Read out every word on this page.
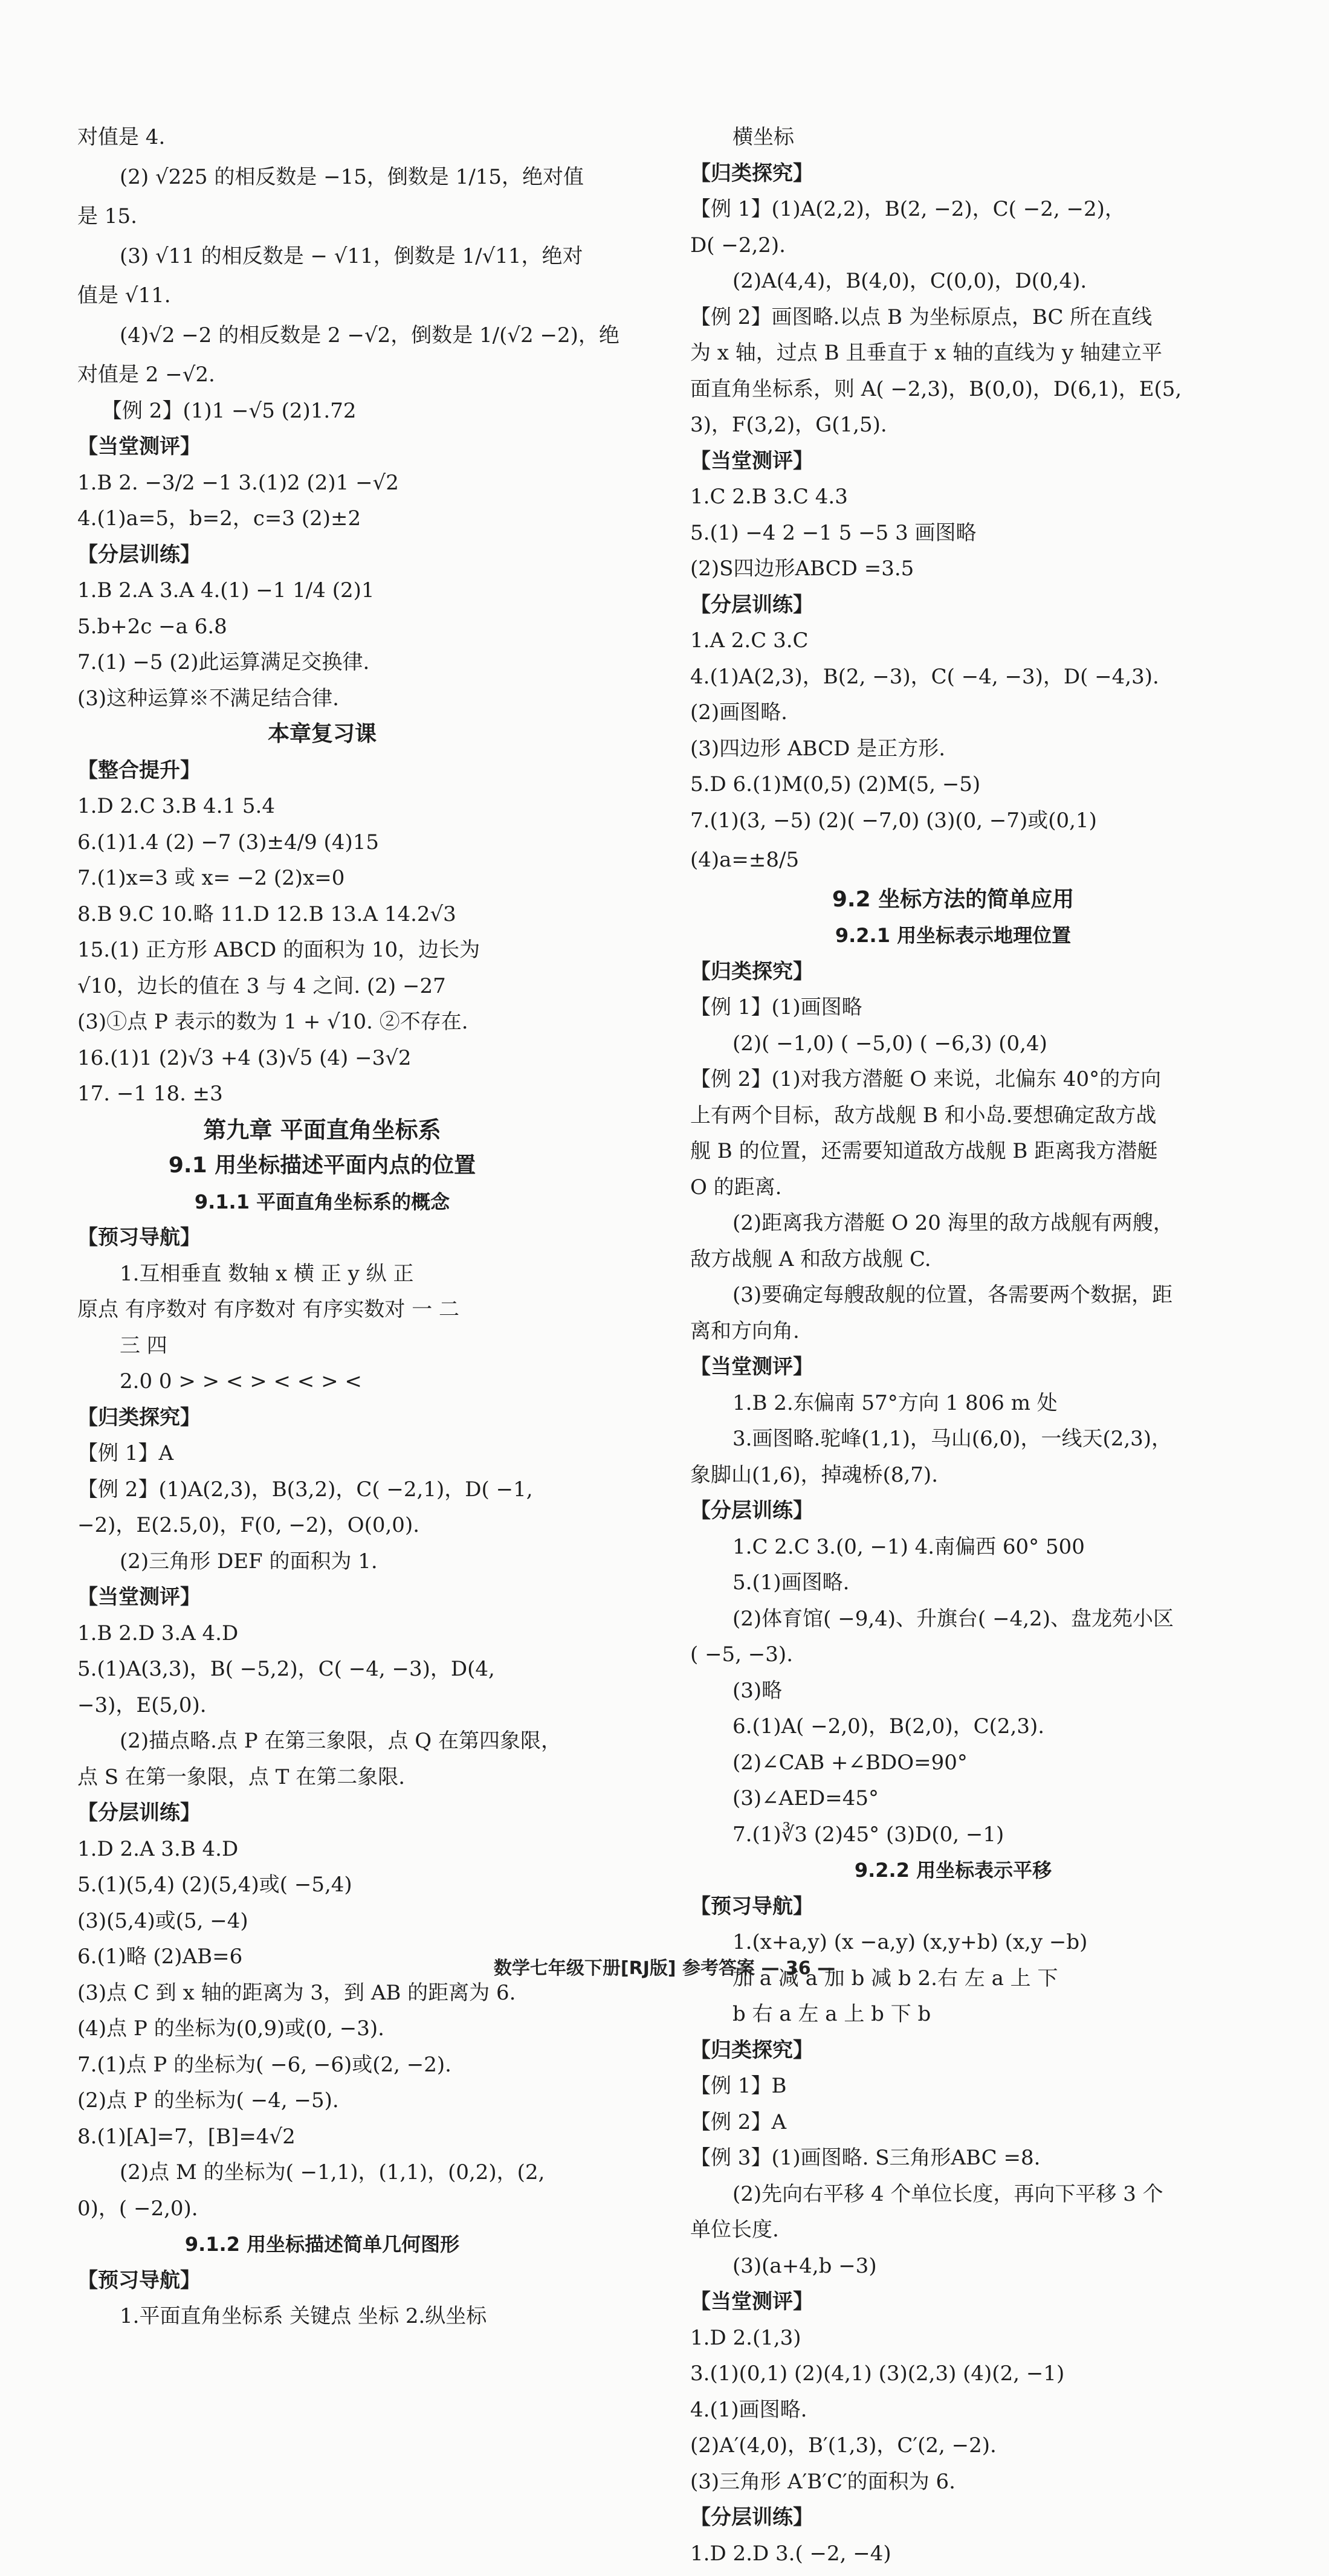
对值是 4.
(2) √225 的相反数是 −15，倒数是 1/15，绝对值
是 15.
(3) √11 的相反数是 − √11，倒数是 1/√11，绝对
值是 √11.
(4)√2 −2 的相反数是 2 −√2，倒数是 1/(√2 −2)，绝
对值是 2 −√2.
【例 2】(1)1 −√5 (2)1.72
【当堂测评】
1.B 2. −3/2 −1 3.(1)2 (2)1 −√2
4.(1)a=5，b=2，c=3 (2)±2
【分层训练】
1.B 2.A 3.A 4.(1) −1 1/4 (2)1
5.b+2c −a 6.8
7.(1) −5 (2)此运算满足交换律.
(3)这种运算※不满足结合律.
本章复习课
【整合提升】
1.D 2.C 3.B 4.1 5.4
6.(1)1.4 (2) −7 (3)±4/9 (4)15
7.(1)x=3 或 x= −2 (2)x=0
8.B 9.C 10.略 11.D 12.B 13.A 14.2√3
15.(1) 正方形 ABCD 的面积为 10，边长为
√10，边长的值在 3 与 4 之间. (2) −27
(3)①点 P 表示的数为 1 + √10. ②不存在.
16.(1)1 (2)√3 +4 (3)√5 (4) −3√2
17. −1 18. ±3
第九章 平面直角坐标系
9.1 用坐标描述平面内点的位置
9.1.1 平面直角坐标系的概念
【预习导航】
1.互相垂直 数轴 x 横 正 y 纵 正
原点 有序数对 有序数对 有序实数对 一 二
三 四
2.0 0 > > < > < < > <
【归类探究】
【例 1】A
【例 2】(1)A(2,3)，B(3,2)，C( −2,1)，D( −1,
−2)，E(2.5,0)，F(0, −2)，O(0,0).
(2)三角形 DEF 的面积为 1.
【当堂测评】
1.B 2.D 3.A 4.D
5.(1)A(3,3)，B( −5,2)，C( −4, −3)，D(4,
−3)，E(5,0).
(2)描点略.点 P 在第三象限，点 Q 在第四象限，
点 S 在第一象限，点 T 在第二象限.
【分层训练】
1.D 2.A 3.B 4.D
5.(1)(5,4) (2)(5,4)或( −5,4)
(3)(5,4)或(5, −4)
6.(1)略 (2)AB=6
(3)点 C 到 x 轴的距离为 3，到 AB 的距离为 6.
(4)点 P 的坐标为(0,9)或(0, −3).
7.(1)点 P 的坐标为( −6, −6)或(2, −2).
(2)点 P 的坐标为( −4, −5).
8.(1)[A]=7，[B]=4√2
(2)点 M 的坐标为( −1,1)，(1,1)，(0,2)，(2,
0)，( −2,0).
9.1.2 用坐标描述简单几何图形
【预习导航】
1.平面直角坐标系 关键点 坐标 2.纵坐标
横坐标
【归类探究】
【例 1】(1)A(2,2)，B(2, −2)，C( −2, −2)，
D( −2,2).
(2)A(4,4)，B(4,0)，C(0,0)，D(0,4).
【例 2】画图略.以点 B 为坐标原点，BC 所在直线
为 x 轴，过点 B 且垂直于 x 轴的直线为 y 轴建立平
面直角坐标系，则 A( −2,3)，B(0,0)，D(6,1)，E(5,
3)，F(3,2)，G(1,5).
【当堂测评】
1.C 2.B 3.C 4.3
5.(1) −4 2 −1 5 −5 3 画图略
(2)S四边形ABCD =3.5
【分层训练】
1.A 2.C 3.C
4.(1)A(2,3)，B(2, −3)，C( −4, −3)，D( −4,3).
(2)画图略.
(3)四边形 ABCD 是正方形.
5.D 6.(1)M(0,5) (2)M(5, −5)
7.(1)(3, −5) (2)( −7,0) (3)(0, −7)或(0,1)
(4)a=±8/5
9.2 坐标方法的简单应用
9.2.1 用坐标表示地理位置
【归类探究】
【例 1】(1)画图略
(2)( −1,0) ( −5,0) ( −6,3) (0,4)
【例 2】(1)对我方潜艇 O 来说，北偏东 40°的方向
上有两个目标，敌方战舰 B 和小岛.要想确定敌方战
舰 B 的位置，还需要知道敌方战舰 B 距离我方潜艇
O 的距离.
(2)距离我方潜艇 O 20 海里的敌方战舰有两艘，
敌方战舰 A 和敌方战舰 C.
(3)要确定每艘敌舰的位置，各需要两个数据，距
离和方向角.
【当堂测评】
1.B 2.东偏南 57°方向 1 806 m 处
3.画图略.驼峰(1,1)，马山(6,0)，一线天(2,3)，
象脚山(1,6)，掉魂桥(8,7).
【分层训练】
1.C 2.C 3.(0, −1) 4.南偏西 60° 500
5.(1)画图略.
(2)体育馆( −9,4)、升旗台( −4,2)、盘龙苑小区
( −5, −3).
(3)略
6.(1)A( −2,0)，B(2,0)，C(2,3).
(2)∠CAB +∠BDO=90°
(3)∠AED=45°
7.(1)∛3 (2)45° (3)D(0, −1)
9.2.2 用坐标表示平移
【预习导航】
1.(x+a,y) (x −a,y) (x,y+b) (x,y −b)
加 a 减 a 加 b 减 b 2.右 左 a 上 下
b 右 a 左 a 上 b 下 b
【归类探究】
【例 1】B
【例 2】A
【例 3】(1)画图略. S三角形ABC =8.
(2)先向右平移 4 个单位长度，再向下平移 3 个
单位长度.
(3)(a+4,b −3)
【当堂测评】
1.D 2.(1,3)
3.(1)(0,1) (2)(4,1) (3)(2,3) (4)(2, −1)
4.(1)画图略.
(2)A′(4,0)，B′(1,3)，C′(2, −2).
(3)三角形 A′B′C′的面积为 6.
【分层训练】
1.D 2.D 3.( −2, −4)
数学七年级下册[RJ版] 参考答案 — 36 —
